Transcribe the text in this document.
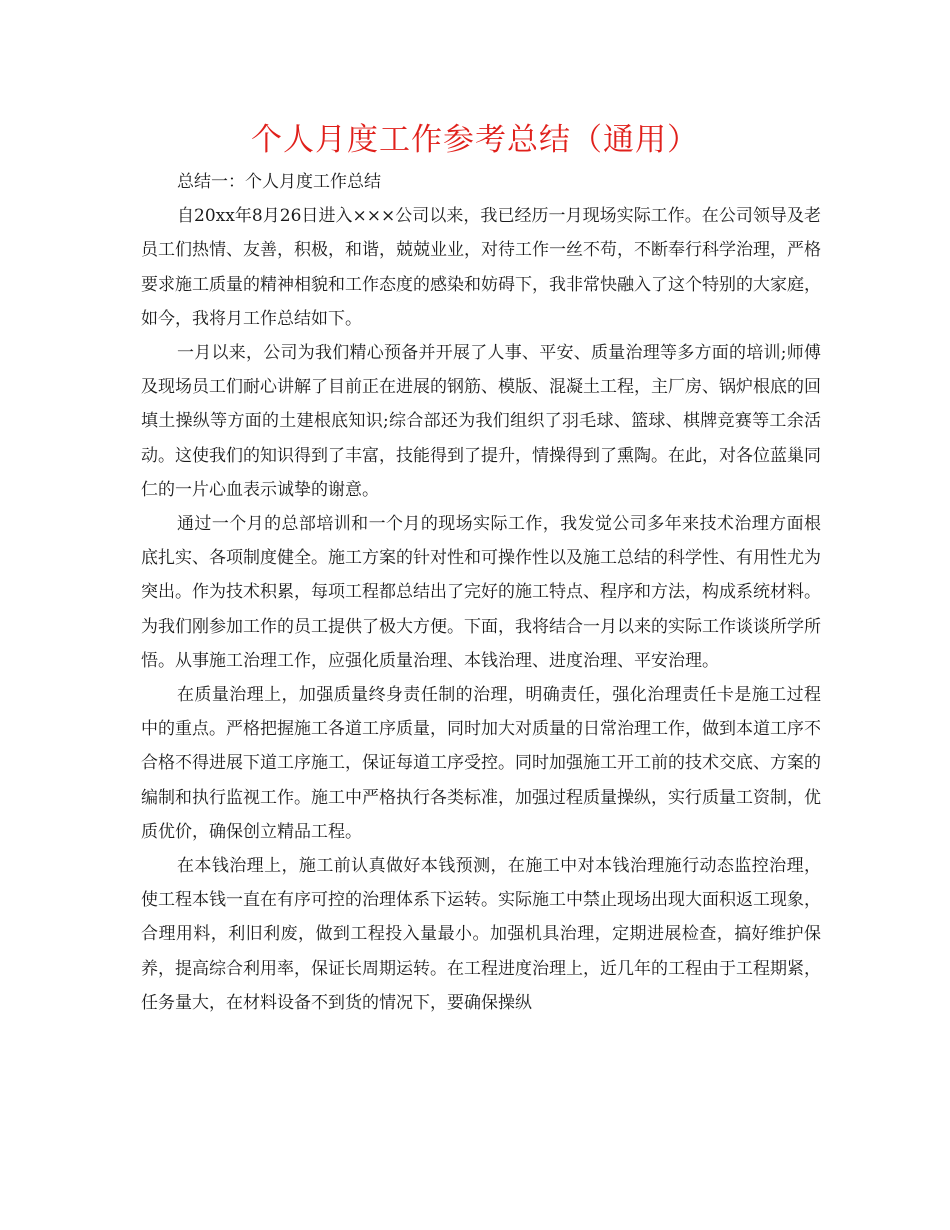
个人月度工作参考总结（通用）

总结一：个人月度工作总结

自20xx年8月26日进入×××公司以来，我已经历一月现场实际工作。在公司领导及老员工们热情、友善，积极，和谐，兢兢业业，对待工作一丝不苟，不断奉行科学治理，严格要求施工质量的精神相貌和工作态度的感染和妨碍下，我非常快融入了这个特别的大家庭，如今，我将月工作总结如下。

一月以来，公司为我们精心预备并开展了人事、平安、质量治理等多方面的培训;师傅及现场员工们耐心讲解了目前正在进展的钢筋、模版、混凝土工程，主厂房、锅炉根底的回填土操纵等方面的土建根底知识;综合部还为我们组织了羽毛球、篮球、棋牌竞赛等工余活动。这使我们的知识得到了丰富，技能得到了提升，情操得到了熏陶。在此，对各位蓝巢同仁的一片心血表示诚挚的谢意。

通过一个月的总部培训和一个月的现场实际工作，我发觉公司多年来技术治理方面根底扎实、各项制度健全。施工方案的针对性和可操作性以及施工总结的科学性、有用性尤为突出。作为技术积累，每项工程都总结出了完好的施工特点、程序和方法，构成系统材料。为我们刚参加工作的员工提供了极大方便。下面，我将结合一月以来的实际工作谈谈所学所悟。从事施工治理工作，应强化质量治理、本钱治理、进度治理、平安治理。

在质量治理上，加强质量终身责任制的治理，明确责任，强化治理责任卡是施工过程中的重点。严格把握施工各道工序质量，同时加大对质量的日常治理工作，做到本道工序不合格不得进展下道工序施工，保证每道工序受控。同时加强施工开工前的技术交底、方案的编制和执行监视工作。施工中严格执行各类标准，加强过程质量操纵，实行质量工资制，优质优价，确保创立精品工程。

在本钱治理上，施工前认真做好本钱预测，在施工中对本钱治理施行动态监控治理，使工程本钱一直在有序可控的治理体系下运转。实际施工中禁止现场出现大面积返工现象，合理用料，利旧利废，做到工程投入量最小。加强机具治理，定期进展检查，搞好维护保养，提高综合利用率，保证长周期运转。在工程进度治理上，近几年的工程由于工程期紧，任务量大，在材料设备不到货的情况下，要确保操纵
